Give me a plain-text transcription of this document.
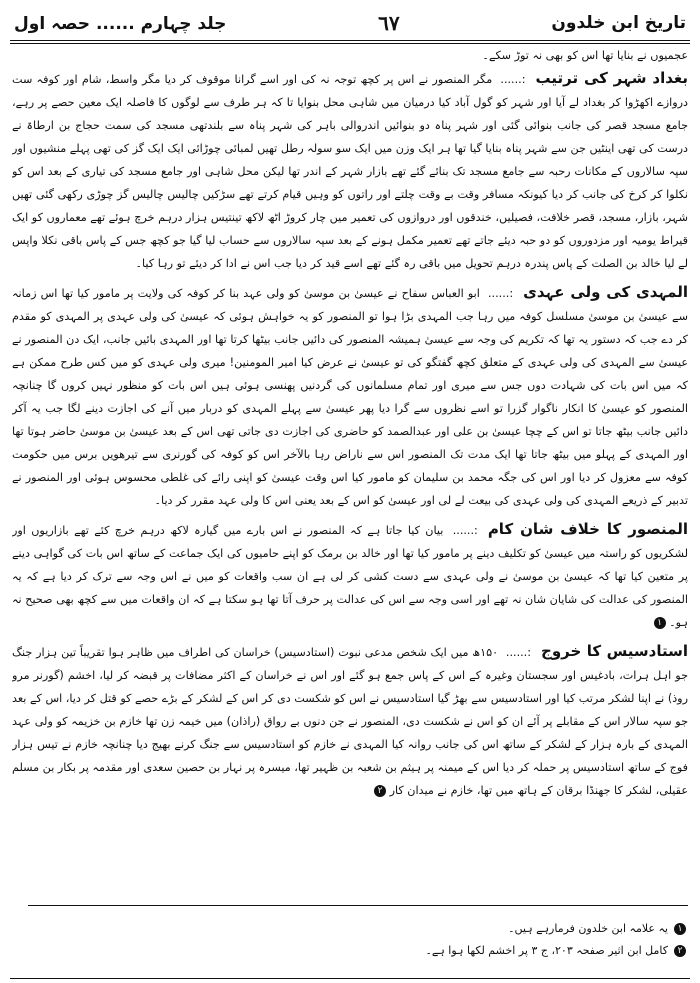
تاریخ ابن خلدون
٦٧
جلد چہارم ...... حصہ اول

عجمیوں نے بنایا تھا اس کو بھی نہ توڑ سکے۔

بغداد شہر کی ترتیب:...... مگر المنصور نے اس پر کچھ توجہ نہ کی اور اسے گرانا موقوف کر دیا مگر واسط، شام اور کوفہ ست دروازے اکھڑوا کر بغداد لے آیا اور شہر کو گول آباد کیا درمیان میں شاہی محل بنوایا تا کہ ہر طرف سے لوگوں کا فاصلہ ایک معین حصے پر رہے، جامع مسجد قصر کی جانب بنوائی گئی اور شہر پناہ دو بنوائیں اندروالی باہر کی شہر پناہ سے بلندتھی مسجد کی سمت حجاج بن ارطاۃ نے درست کی تھی اینٹیں جن سے شہر پناہ بنایا گیا تھا ہر ایک وزن میں ایک سو سولہ رطل تھیں لمبائی چوڑائی ایک ایک گز کی تھی پہلے منشیوں اور سپہ سالاروں کے مکانات رحبہ سے جامع مسجد تک بنائے گئے تھے بازار شہر کے اندر تھا لیکن محل شاہی اور جامع مسجد کی تیاری کے بعد اس کو نکلوا کر کرخ کی جانب کر دیا کیونکہ مسافر وقت بے وقت چلتے اور راتوں کو وہیں قیام کرتے تھے سڑکیں چالیس چالیس گز چوڑی رکھی گئی تھیں شہر، بازار، مسجد، قصر خلافت، فصیلیں، خندقوں اور دروازوں کی تعمیر میں چار کروڑ اٹھ لاکھ تینتیس ہزار درہم خرچ ہوئے تھے معماروں کو ایک قیراط یومیہ اور مزدوروں کو دو حبہ دیئے جاتے تھے تعمیر مکمل ہونے کے بعد سپہ سالاروں سے حساب لیا گیا جو کچھ جس کے پاس باقی نکلا واپس لے لیا خالد بن الصلت کے پاس پندرہ درہم تحویل میں باقی رہ گئے تھے اسے قید کر دیا جب اس نے ادا کر دیئے تو رہا کیا۔

المہدی کی ولی عہدی:...... ابو العباس سفاح نے عیسیٰ بن موسیٰ کو ولی عہد بنا کر کوفہ کی ولایت پر مامور کیا تھا اس زمانہ سے عیسیٰ بن موسیٰ مسلسل کوفہ میں رہا جب المہدی بڑا ہوا تو المنصور کو یہ خواہش ہوئی کہ عیسیٰ کی ولی عہدی پر المہدی کو مقدم کر دے جب کہ دستور یہ تھا کہ تکریم کی وجہ سے عیسیٰ ہمیشہ المنصور کی دائیں جانب بیٹھا کرتا تھا اور المہدی بائیں جانب، ایک دن المنصور نے عیسیٰ سے المہدی کی ولی عہدی کے متعلق کچھ گفتگو کی تو عیسیٰ نے عرض کیا امیر المومنین! میری ولی عہدی کو میں کس طرح ممکن ہے کہ میں اس بات کی شہادت دوں جس سے میری اور تمام مسلمانوں کی گردنیں پھنسی ہوئی ہیں اس بات کو منظور نہیں کروں گا چنانچہ المنصور کو عیسیٰ کا انکار ناگوار گزرا تو اسے نظروں سے گرا دیا پھر عیسیٰ سے پہلے المہدی کو دربار میں آنے کی اجازت دینے لگا جب یہ آکر دائیں جانب بیٹھ جاتا تو اس کے چچا عیسیٰ بن علی اور عبدالصمد کو حاضری کی اجازت دی جاتی تھی اس کے بعد عیسیٰ بن موسیٰ حاضر ہوتا تھا اور المہدی کے پہلو میں بیٹھ جاتا تھا ایک مدت تک المنصور اس سے ناراض رہا بالآخر اس کو کوفہ کی گورنری سے تیرھویں برس میں حکومت کوفہ سے معزول کر دیا اور اس کی جگہ محمد بن سلیمان کو مامور کیا اس وقت عیسیٰ کو اپنی رائے کی غلطی محسوس ہوئی اور المنصور نے تدبیر کے ذریعے المہدی کی ولی عہدی کی بیعت لے لی اور عیسیٰ کو اس کے بعد یعنی اس کا ولی عہد مقرر کر دیا۔

المنصور کا خلاف شان کام:...... بیان کیا جاتا ہے کہ المنصور نے اس بارے میں گیارہ لاکھ درہم خرچ کئے تھے بازاریوں اور لشکریوں کو راستہ میں عیسیٰ کو تکلیف دینے پر مامور کیا تھا اور خالد بن برمک کو اپنے حامیوں کی ایک جماعت کے ساتھ اس بات کی گواہی دینے پر متعین کیا تھا کہ عیسیٰ بن موسیٰ نے ولی عہدی سے دست کشی کر لی ہے ان سب واقعات کو میں نے اس وجہ سے ترک کر دیا ہے کہ یہ المنصور کی عدالت کی شایان شان نہ تھے اور اسی وجہ سے اس کی عدالت پر حرف آتا تھا ہو سکتا ہے کہ ان واقعات میں سے کچھ بھی صحیح نہ ہو۔ ١

استادسیس کا خروج:...... ۱۵۰ھ میں ایک شخص مدعی نبوت (استادسیس) خراسان کی اطراف میں ظاہر ہوا تقریباً تین ہزار جنگ جو اہل ہرات، بادغیس اور سجستان وغیرہ کے اس کے پاس جمع ہو گئے اور اس نے خراسان کے اکثر مضافات پر قبضہ کر لیا، اخشم (گورنر مرو روذ) نے اپنا لشکر مرتب کیا اور استادسیس سے بھڑ گیا استادسیس نے اس کو شکست دی کر اس کے لشکر کے بڑے حصے کو قتل کر دیا، اس کے بعد جو سپہ سالار اس کے مقابلے پر آئے ان کو اس نے شکست دی، المنصور نے جن دنوں بے رواق (راذان) میں خیمہ زن تھا خازم بن خزیمہ کو ولی عہد المہدی کے بارہ ہزار کے لشکر کے ساتھ اس کی جانب روانہ کیا المہدی نے خازم کو استادسیس سے جنگ کرنے بھیج دیا چنانچہ خازم نے تیس ہزار فوج کے ساتھ استادسیس پر حملہ کر دیا اس کے میمنہ پر ہیثم بن شعبہ بن ظہیر تھا، میسرہ پر نہار بن حصین سعدی اور مقدمہ پر بکار بن مسلم عقیلی، لشکر کا جھنڈا برقان کے ہاتھ میں تھا، خازم نے میدان کار ٢

١
یہ علامہ ابن خلدون فرمارہے ہیں۔
٢
کامل ابن اثیر صفحہ ٢٠٣، ج ٣ پر اخشم لکھا ہوا ہے۔
